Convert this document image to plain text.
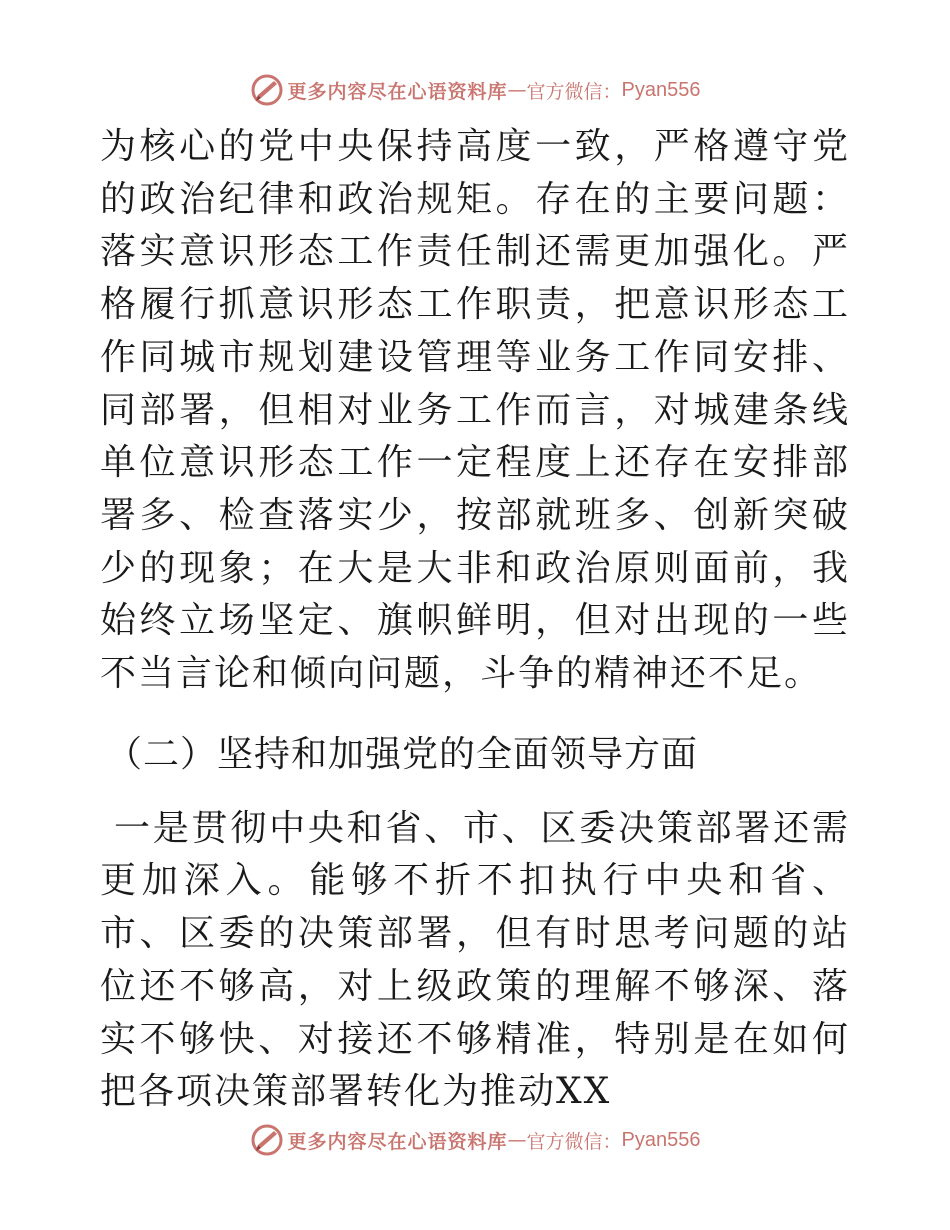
更多内容尽在心语资料库 — 官方微信： Pyan556

为核心的党中央保持高度一致，严格遵守党的政治纪律和政治规矩。存在的主要问题：落实意识形态工作责任制还需更加强化。严格履行抓意识形态工作职责，把意识形态工作同城市规划建设管理等业务工作同安排、同部署，但相对业务工作而言，对城建条线单位意识形态工作一定程度上还存在安排部署多、检查落实少，按部就班多、创新突破少的现象；在大是大非和政治原则面前，我始终立场坚定、旗帜鲜明，但对出现的一些不当言论和倾向问题，斗争的精神还不足。

（二）坚持和加强党的全面领导方面

一是贯彻中央和省、市、区委决策部署还需更加深入。能够不折不扣执行中央和省、市、区委的决策部署，但有时思考问题的站位还不够高，对上级政策的理解不够深、落实不够快、对接还不够精准，特别是在如何把各项决策部署转化为推动XX

更多内容尽在心语资料库 — 官方微信： Pyan556
